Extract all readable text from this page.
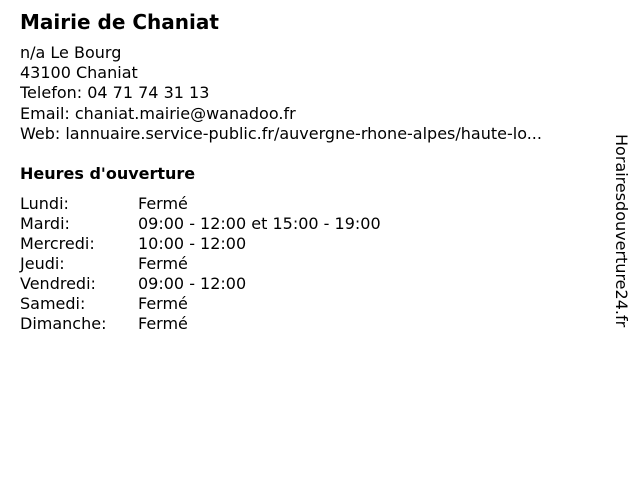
Mairie de Chaniat
n/a Le Bourg
43100 Chaniat
Telefon: 04 71 74 31 13
Email: chaniat.mairie@wanadoo.fr
Web: lannuaire.service-public.fr/auvergne-rhone-alpes/haute-lo...
Heures d'ouverture
Lundi:	Fermé
Mardi:	09:00 - 12:00 et 15:00 - 19:00
Mercredi:	10:00 - 12:00
Jeudi:	Fermé
Vendredi:	09:00 - 12:00
Samedi:	Fermé
Dimanche:	Fermé	Horairesdouverture24.fr
